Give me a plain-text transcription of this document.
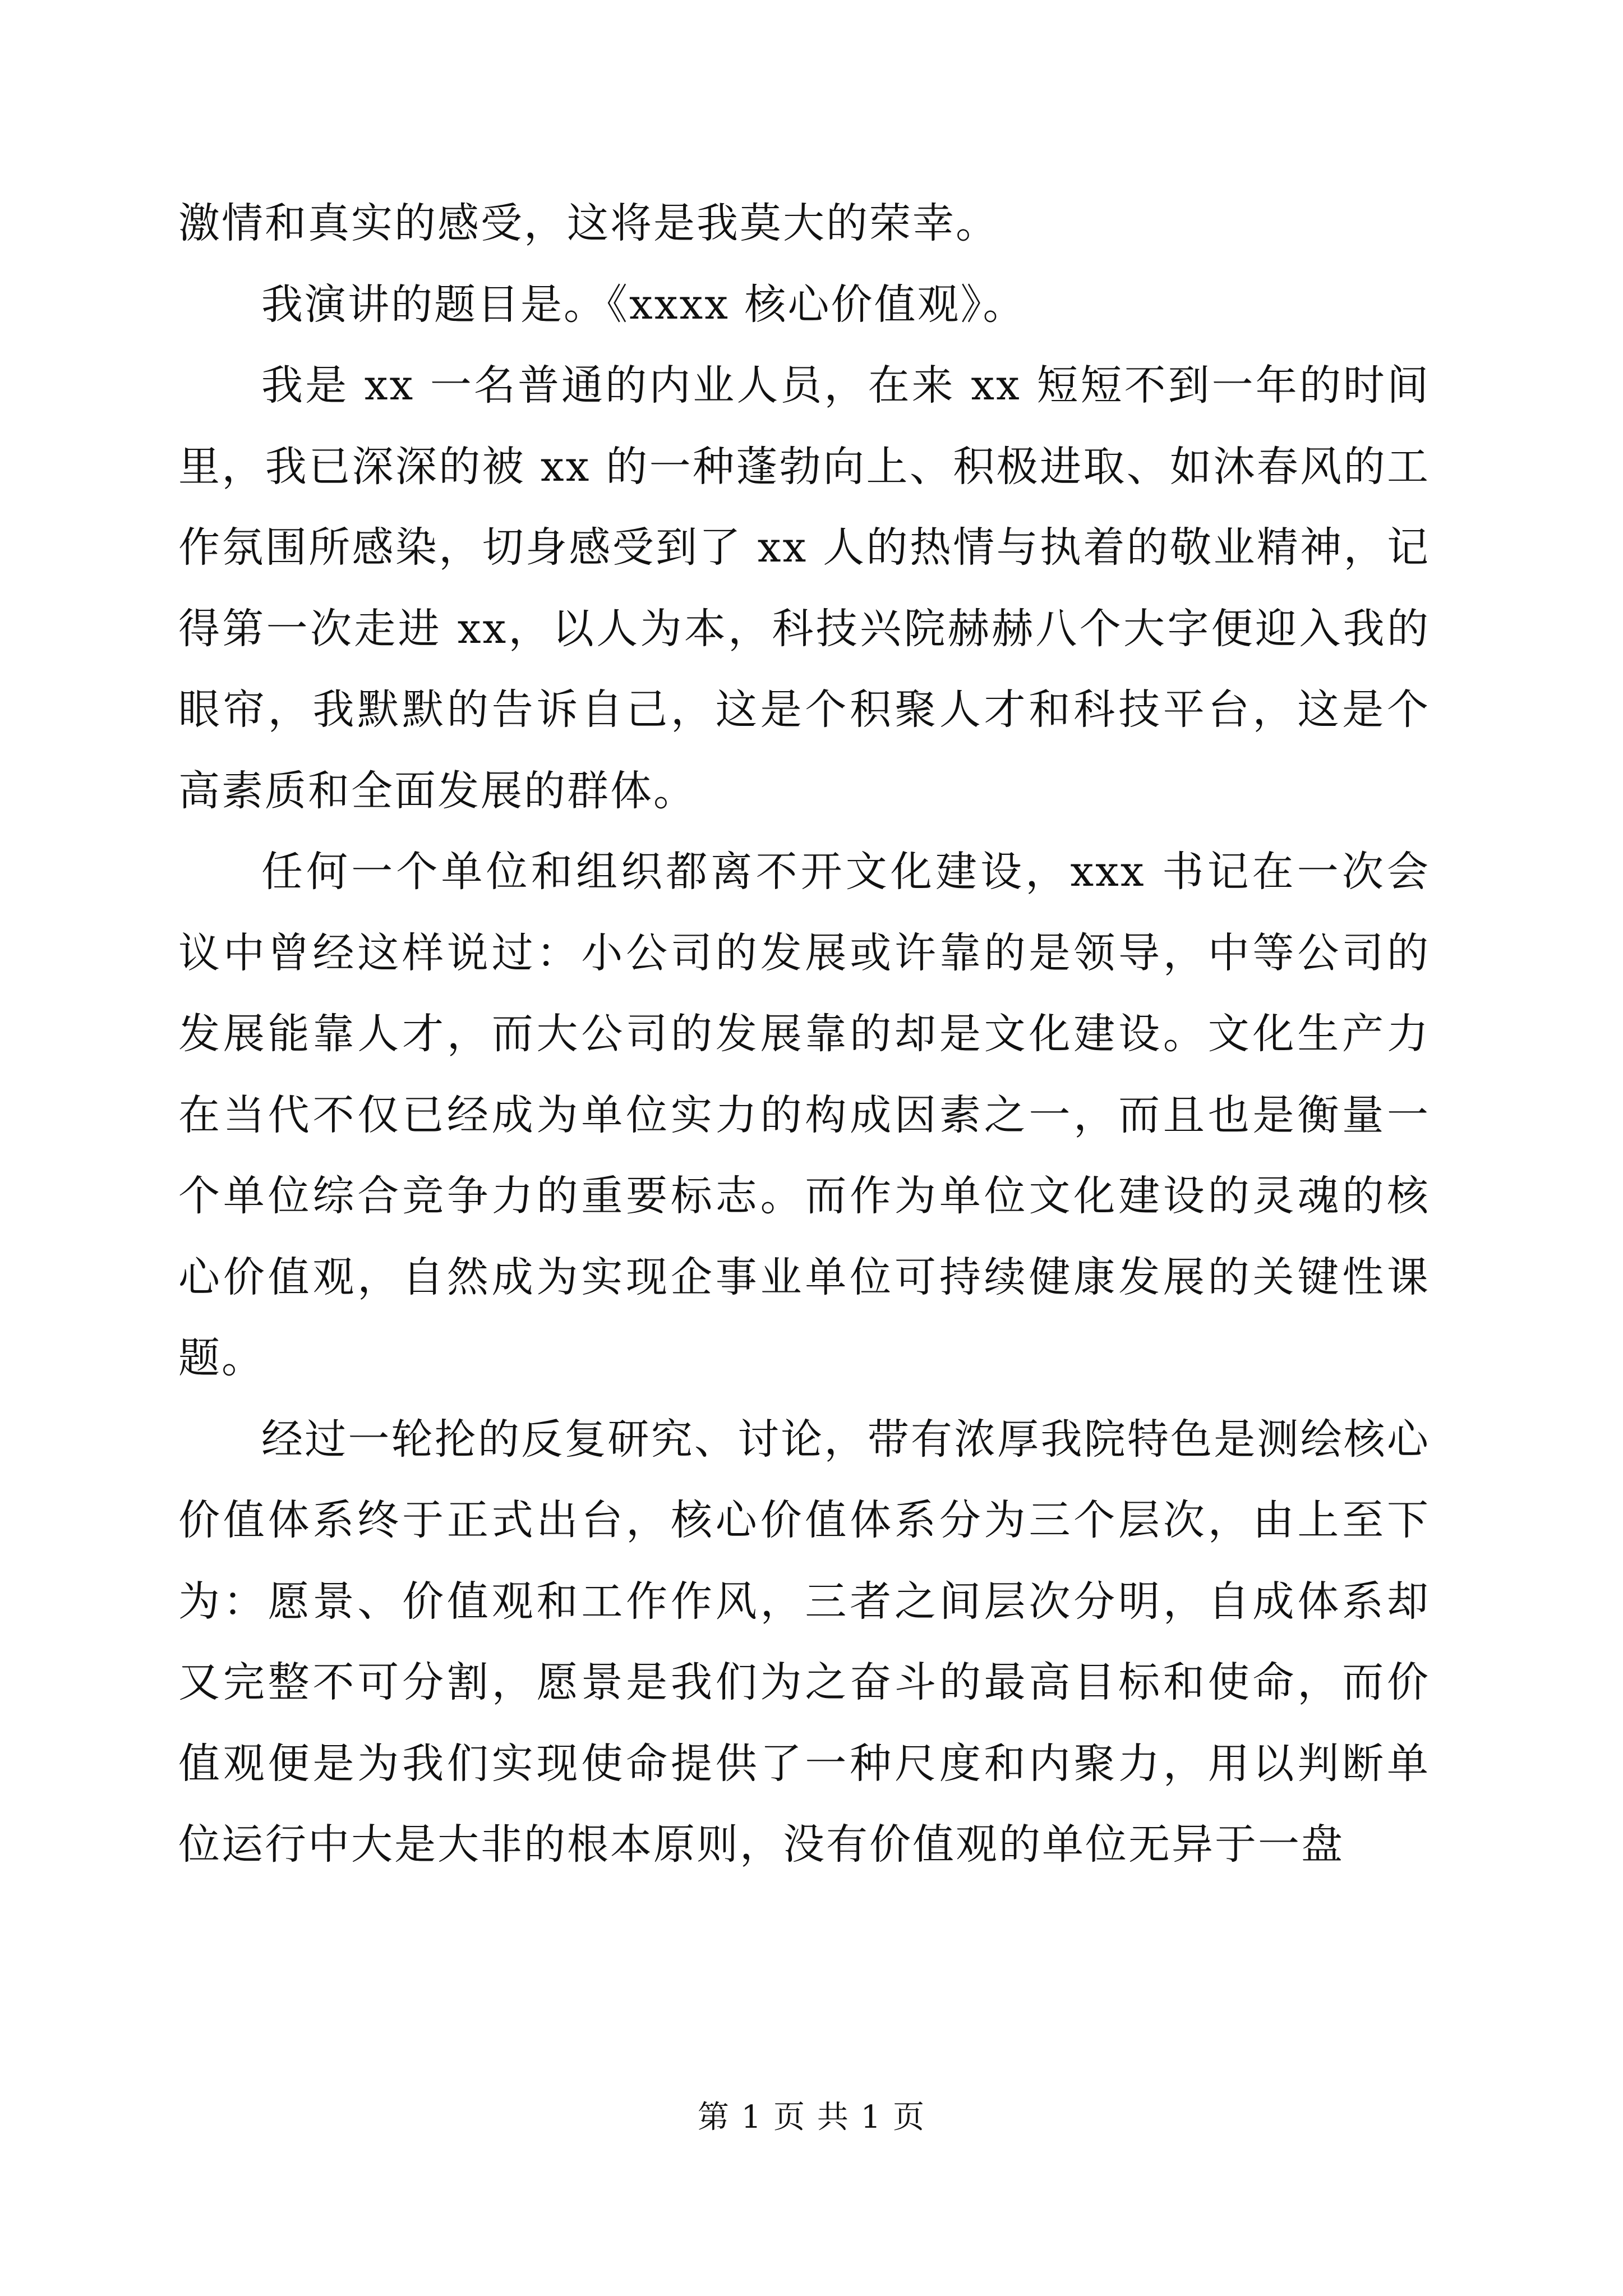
激情和真实的感受，这将是我莫大的荣幸。

我演讲的题目是。《xxxx 核心价值观》。

我是 xx 一名普通的内业人员，在来 xx 短短不到一年的时间里，我已深深的被 xx 的一种蓬勃向上、积极进取、如沐春风的工作氛围所感染，切身感受到了 xx 人的热情与执着的敬业精神，记得第一次走进 xx，以人为本，科技兴院赫赫八个大字便迎入我的眼帘，我默默的告诉自己，这是个积聚人才和科技平台，这是个高素质和全面发展的群体。

任何一个单位和组织都离不开文化建设，xxx 书记在一次会议中曾经这样说过：小公司的发展或许靠的是领导，中等公司的发展能靠人才，而大公司的发展靠的却是文化建设。文化生产力在当代不仅已经成为单位实力的构成因素之一，而且也是衡量一个单位综合竞争力的重要标志。而作为单位文化建设的灵魂的核心价值观，自然成为实现企事业单位可持续健康发展的关键性课题。

经过一轮抡的反复研究、讨论，带有浓厚我院特色是测绘核心价值体系终于正式出台，核心价值体系分为三个层次，由上至下为：愿景、价值观和工作作风，三者之间层次分明，自成体系却又完整不可分割，愿景是我们为之奋斗的最高目标和使命，而价值观便是为我们实现使命提供了一种尺度和内聚力，用以判断单位运行中大是大非的根本原则，没有价值观的单位无异于一盘

第 1 页 共 1 页
